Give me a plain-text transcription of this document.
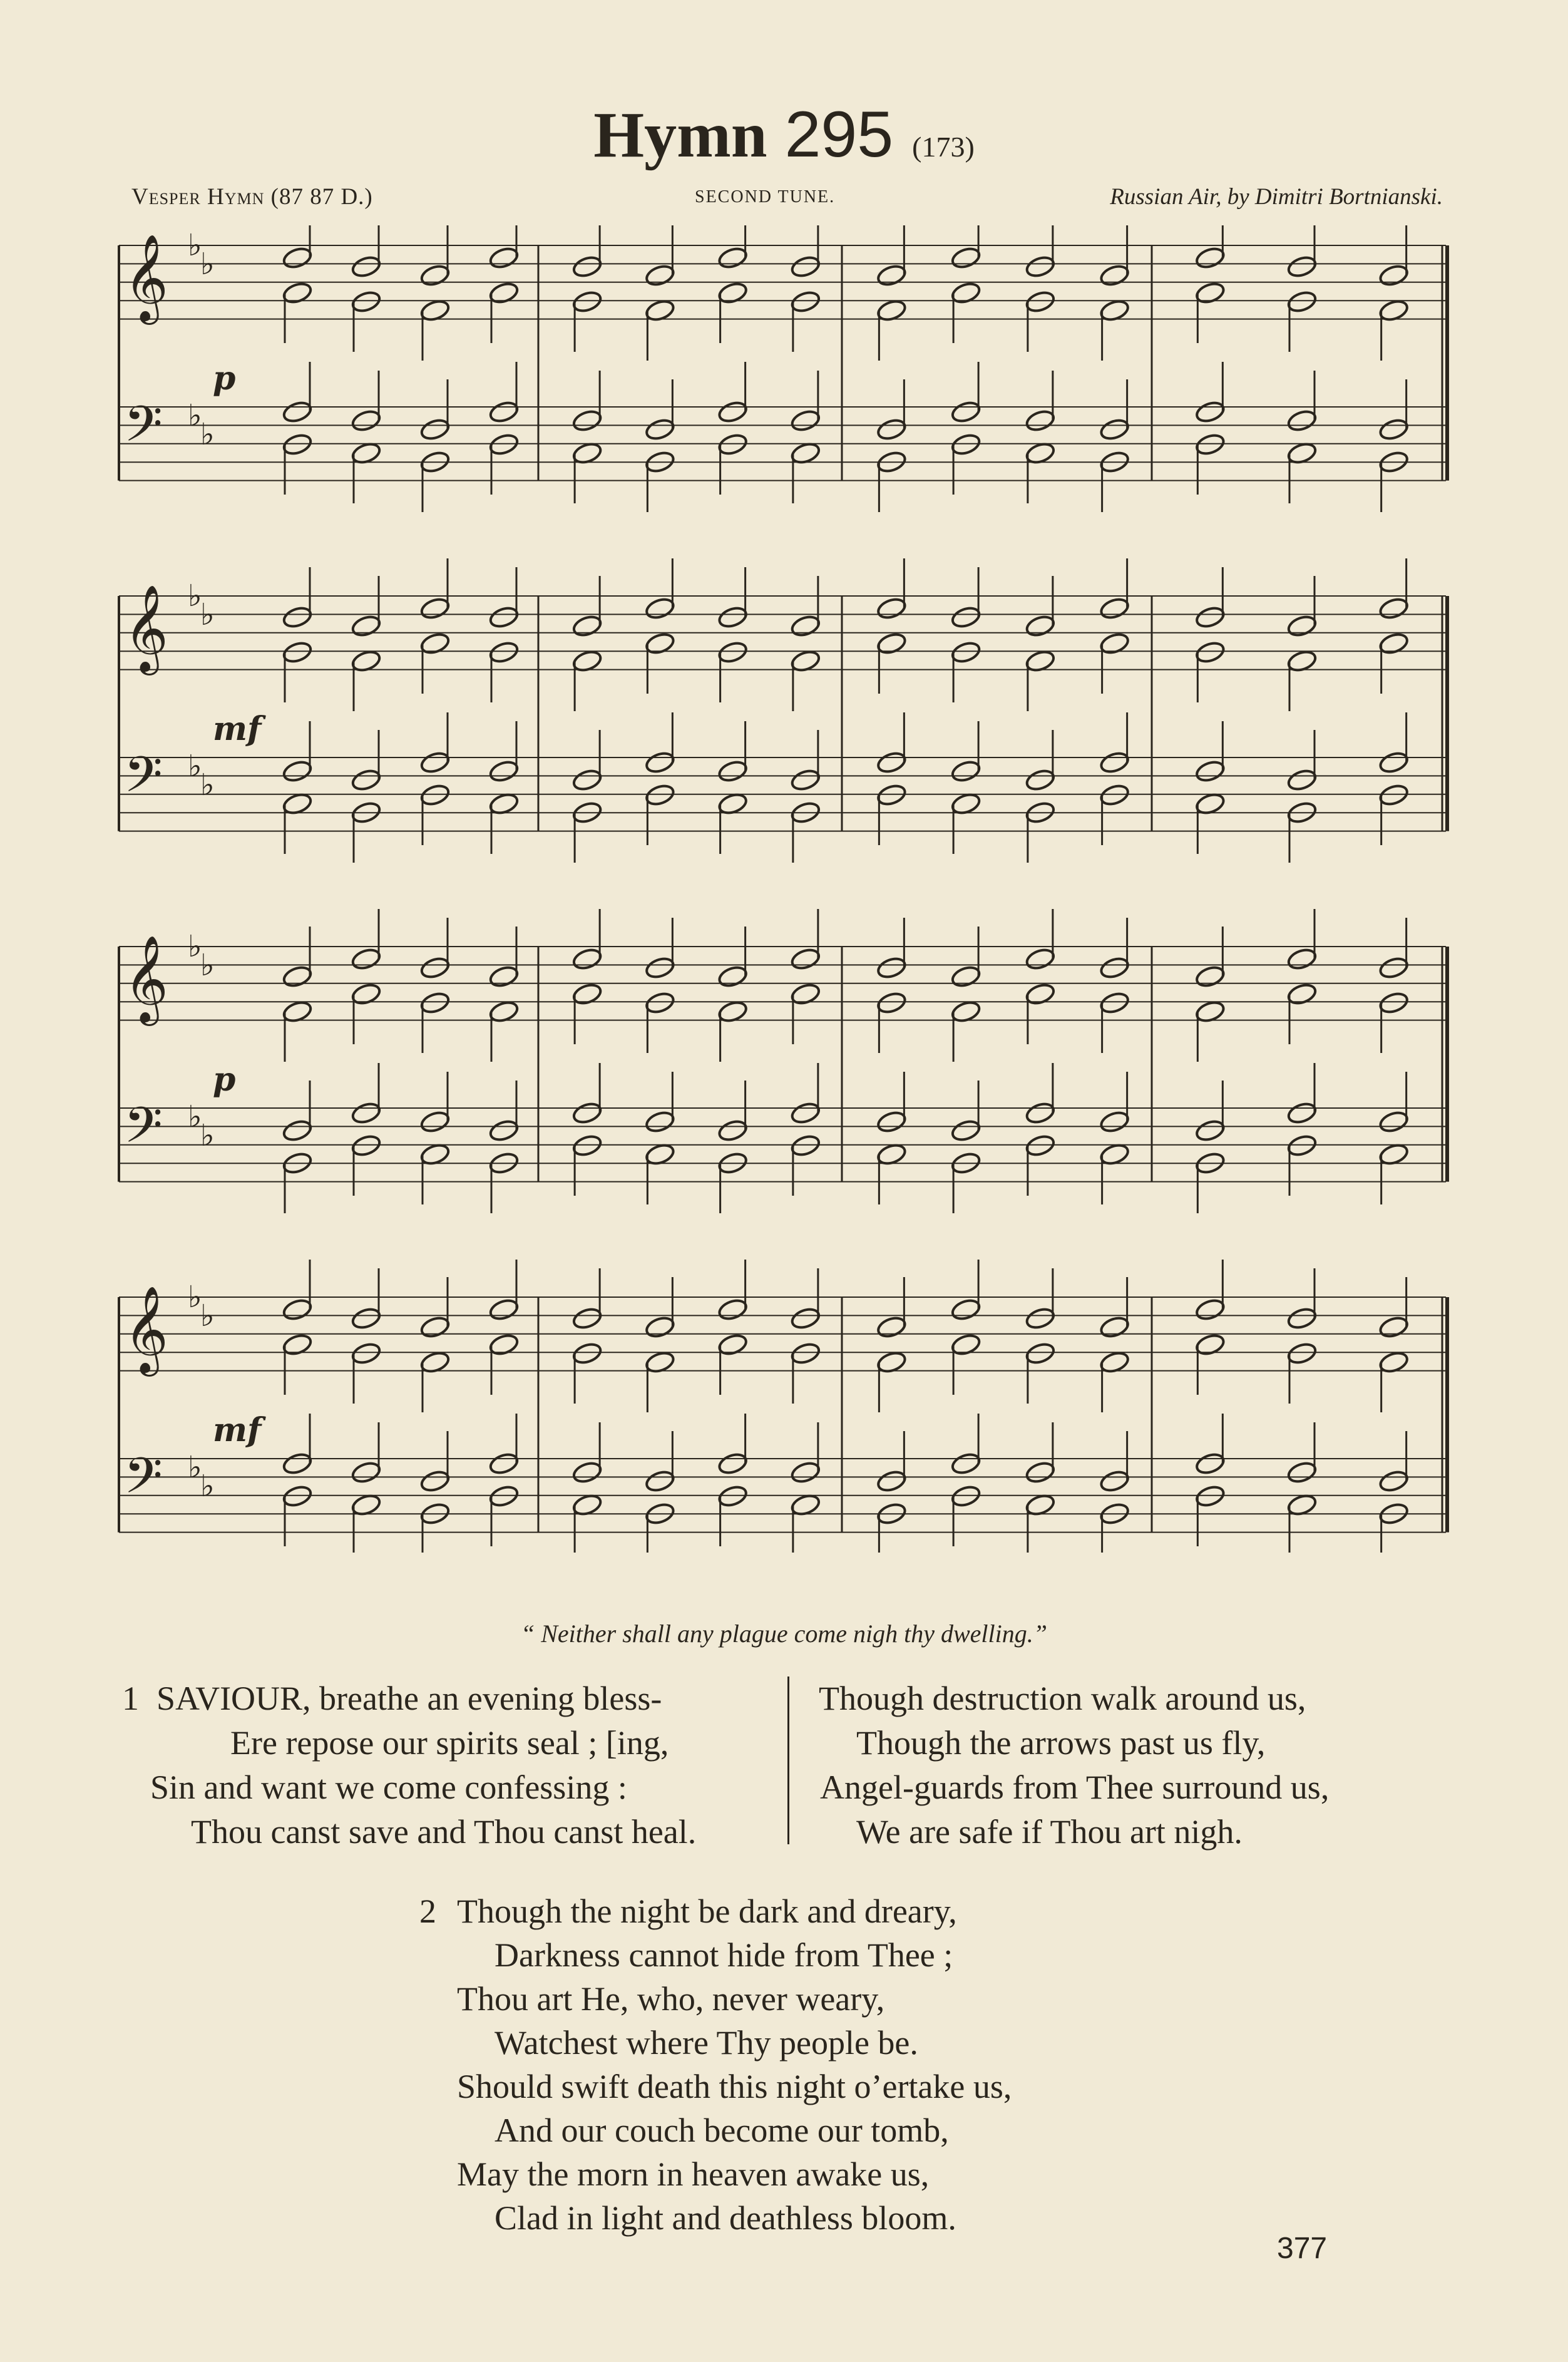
Hymn 295 (173)
Vesper Hymn (87 87 D.)	SECOND TUNE.	Russian Air, by Dimitri Bortnianski.
𝄞
𝄢
♭
♭
♭
♭
p
𝄞
𝄢
♭
♭
♭
♭
mf
𝄞
𝄢
♭
♭
♭
♭
p
𝄞
𝄢
♭
♭
♭
♭
mf
“ Neither shall any plague come nigh thy dwelling.”
1 SAVIOUR, breathe an evening bless-
Ere repose our spirits seal ; [ing,
Sin and want we come confessing :
Thou canst save and Thou canst heal.
Though destruction walk around us,
Though the arrows past us fly,
Angel-guards from Thee surround us,
We are safe if Thou art nigh.
2 Though the night be dark and dreary,
Darkness cannot hide from Thee ;
Thou art He, who, never weary,
Watchest where Thy people be.
Should swift death this night o’ertake us,
And our couch become our tomb,
May the morn in heaven awake us,
Clad in light and deathless bloom.
377
